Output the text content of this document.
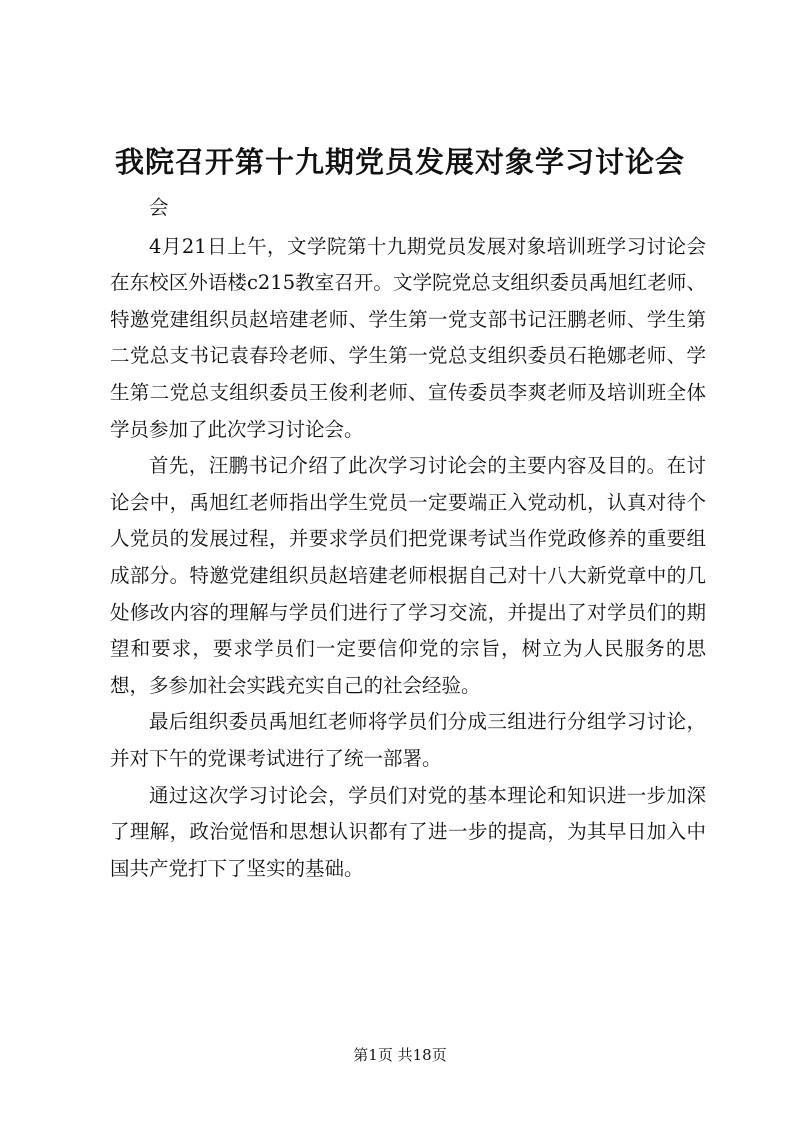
我院召开第十九期党员发展对象学习讨论会

会

4月21日上午，文学院第十九期党员发展对象培训班学习讨论会在东校区外语楼c215教室召开。文学院党总支组织委员禹旭红老师、特邀党建组织员赵培建老师、学生第一党支部书记汪鹏老师、学生第二党总支书记袁春玲老师、学生第一党总支组织委员石艳娜老师、学生第二党总支组织委员王俊利老师、宣传委员李爽老师及培训班全体学员参加了此次学习讨论会。

首先，汪鹏书记介绍了此次学习讨论会的主要内容及目的。在讨论会中，禹旭红老师指出学生党员一定要端正入党动机，认真对待个人党员的发展过程，并要求学员们把党课考试当作党政修养的重要组成部分。特邀党建组织员赵培建老师根据自己对十八大新党章中的几处修改内容的理解与学员们进行了学习交流，并提出了对学员们的期望和要求，要求学员们一定要信仰党的宗旨，树立为人民服务的思想，多参加社会实践充实自己的社会经验。

最后组织委员禹旭红老师将学员们分成三组进行分组学习讨论，并对下午的党课考试进行了统一部署。

通过这次学习讨论会，学员们对党的基本理论和知识进一步加深了理解，政治觉悟和思想认识都有了进一步的提高，为其早日加入中国共产党打下了坚实的基础。

第1页 共18页
